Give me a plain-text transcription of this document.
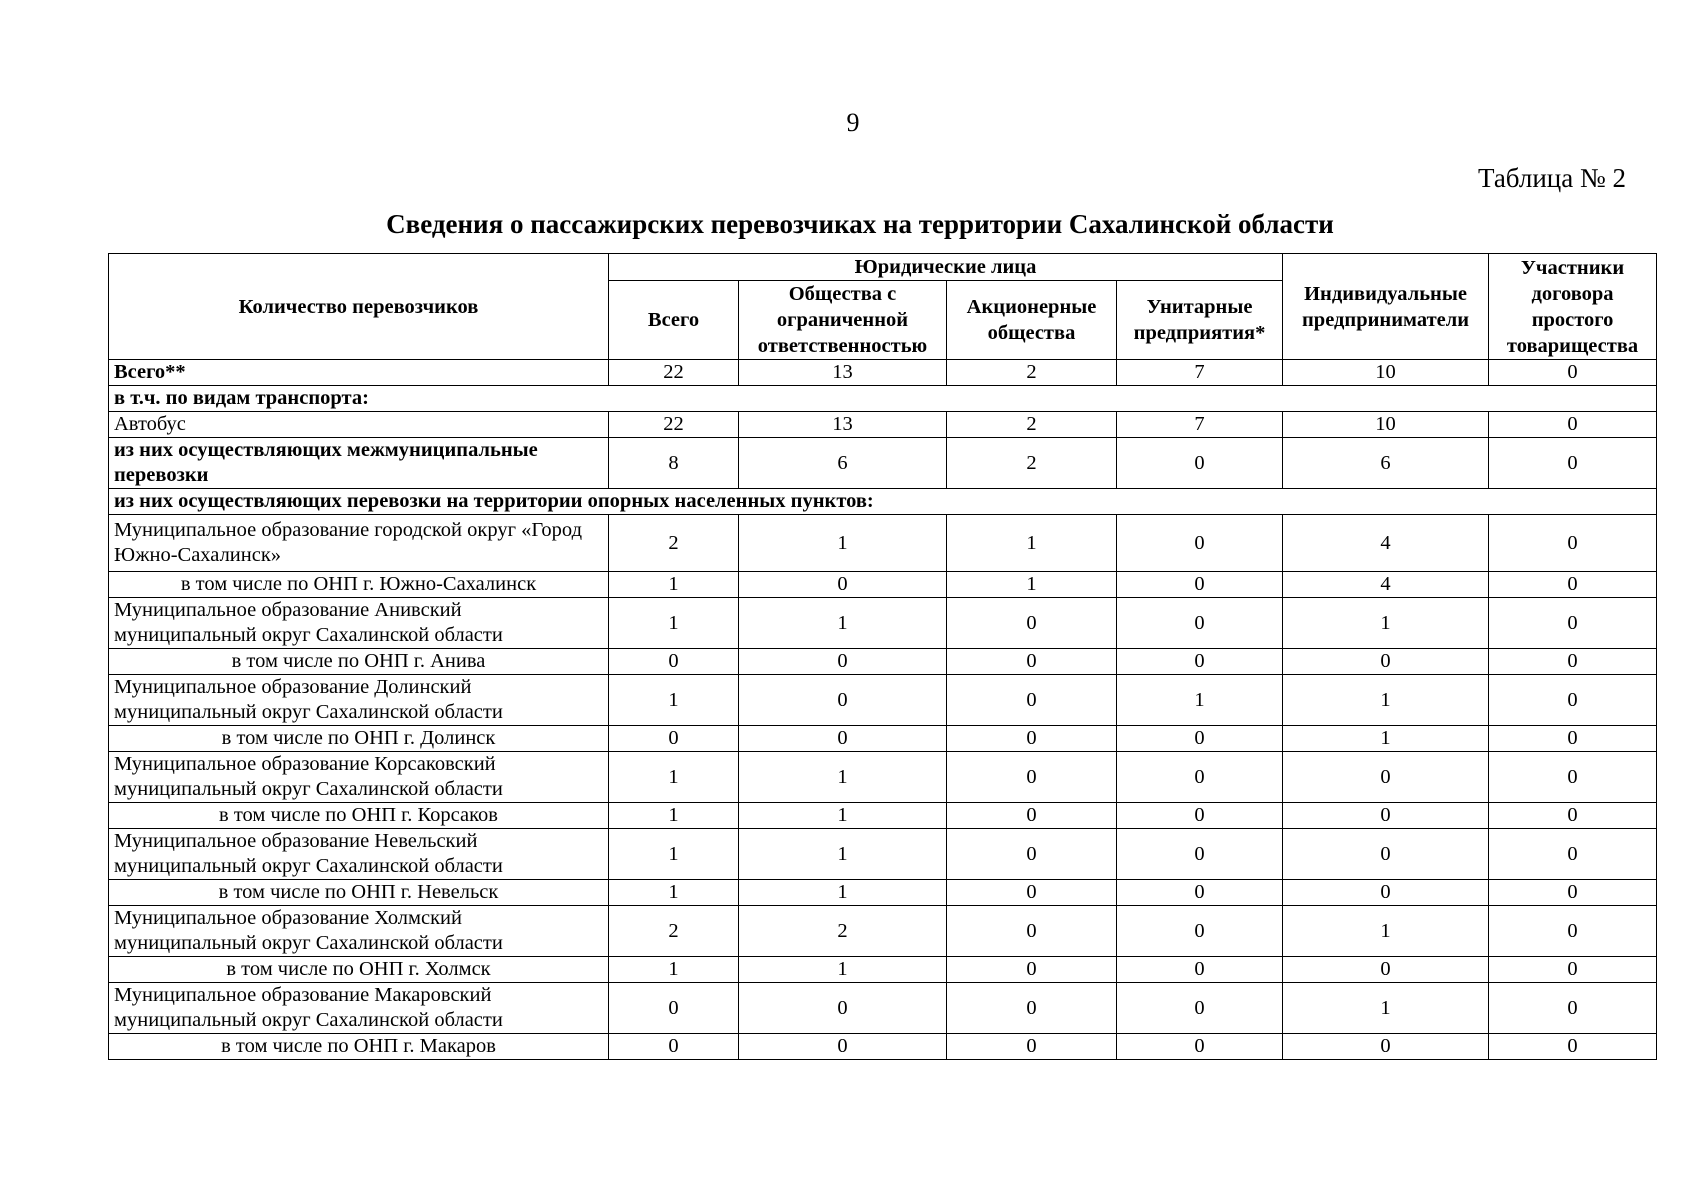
9
Таблица № 2
Сведения о пассажирских перевозчиках на территории Сахалинской области
Количество перевозчиков	Юридические лица				Индивидуальные предприниматели	Участники договора простого товарищества
	Всего	Общества с ограниченной ответственностью	Акционерные общества	Унитарные предприятия*		
Всего**	22	13	2	7	10	0
в т.ч. по видам транспорта:						
Автобус	22	13	2	7	10	0
из них осуществляющих межмуниципальные перевозки	8	6	2	0	6	0
из них осуществляющих перевозки на территории опорных населенных пунктов:						
Муниципальное образование городской округ «Город Южно-Сахалинск»	2	1	1	0	4	0
в том числе по ОНП г. Южно-Сахалинск	1	0	1	0	4	0
Муниципальное образование Анивский муниципальный округ Сахалинской области	1	1	0	0	1	0
в том числе по ОНП г. Анива	0	0	0	0	0	0
Муниципальное образование Долинский муниципальный округ Сахалинской области	1	0	0	1	1	0
в том числе по ОНП г. Долинск	0	0	0	0	1	0
Муниципальное образование Корсаковский муниципальный округ Сахалинской области	1	1	0	0	0	0
в том числе по ОНП г. Корсаков	1	1	0	0	0	0
Муниципальное образование Невельский муниципальный округ Сахалинской области	1	1	0	0	0	0
в том числе по ОНП г. Невельск	1	1	0	0	0	0
Муниципальное образование Холмский муниципальный округ Сахалинской области	2	2	0	0	1	0
в том числе по ОНП г. Холмск	1	1	0	0	0	0
Муниципальное образование Макаровский муниципальный округ Сахалинской области	0	0	0	0	1	0
в том числе по ОНП г. Макаров	0	0	0	0	0	0
